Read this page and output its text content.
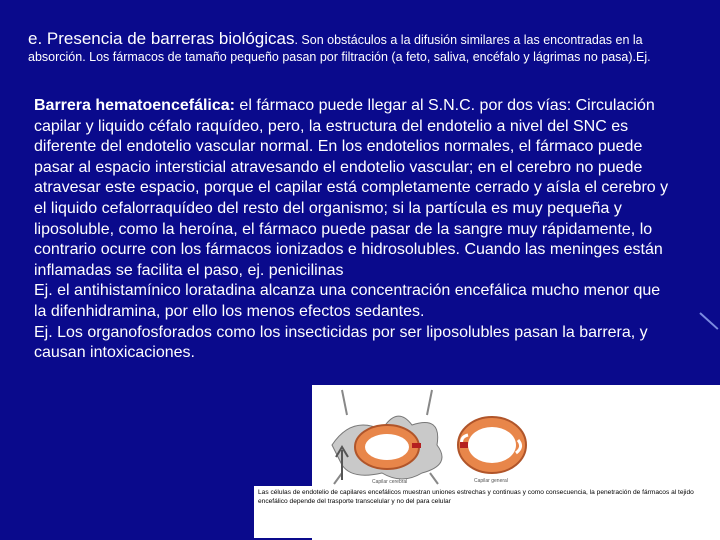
e. Presencia de barreras biológicas. Son obstáculos a la difusión similares a las encontradas en la absorción. Los fármacos de tamaño pequeño pasan por filtración (a feto, saliva, encéfalo y lágrimas no pasa).Ej.

Barrera hematoencefálica: el fármaco puede llegar al S.N.C. por dos vías: Circulación capilar y liquido céfalo raquídeo, pero, la estructura del endotelio a nivel del SNC es diferente del endotelio vascular normal. En los endotelios normales, el fármaco puede pasar al espacio intersticial atravesando el endotelio vascular; en el cerebro no puede atravesar este espacio, porque el capilar está completamente cerrado y aísla el cerebro y el liquido cefalorraquídeo del resto del organismo; si la partícula es muy pequeña y liposoluble, como la heroína, el fármaco puede pasar de la sangre muy rápidamente, lo contrario ocurre con los fármacos ionizados e hidrosolubles. Cuando las meninges están inflamadas se facilita el paso, ej. penicilinas

Ej. el antihistamínico loratadina alcanza una concentración encefálica mucho menor que la difenhidramina, por ello los menos efectos sedantes.

Ej. Los organofosforados como los insecticidas por ser liposolubles pasan la barrera, y causan intoxicaciones.

Capilar cerebral	Capilar general
Las células de endotelio de capilares encefálicos muestran uniones estrechas y continuas y como consecuencia, la penetración de fármacos al tejido encefálico depende del trasporte transcelular y no del para celular
